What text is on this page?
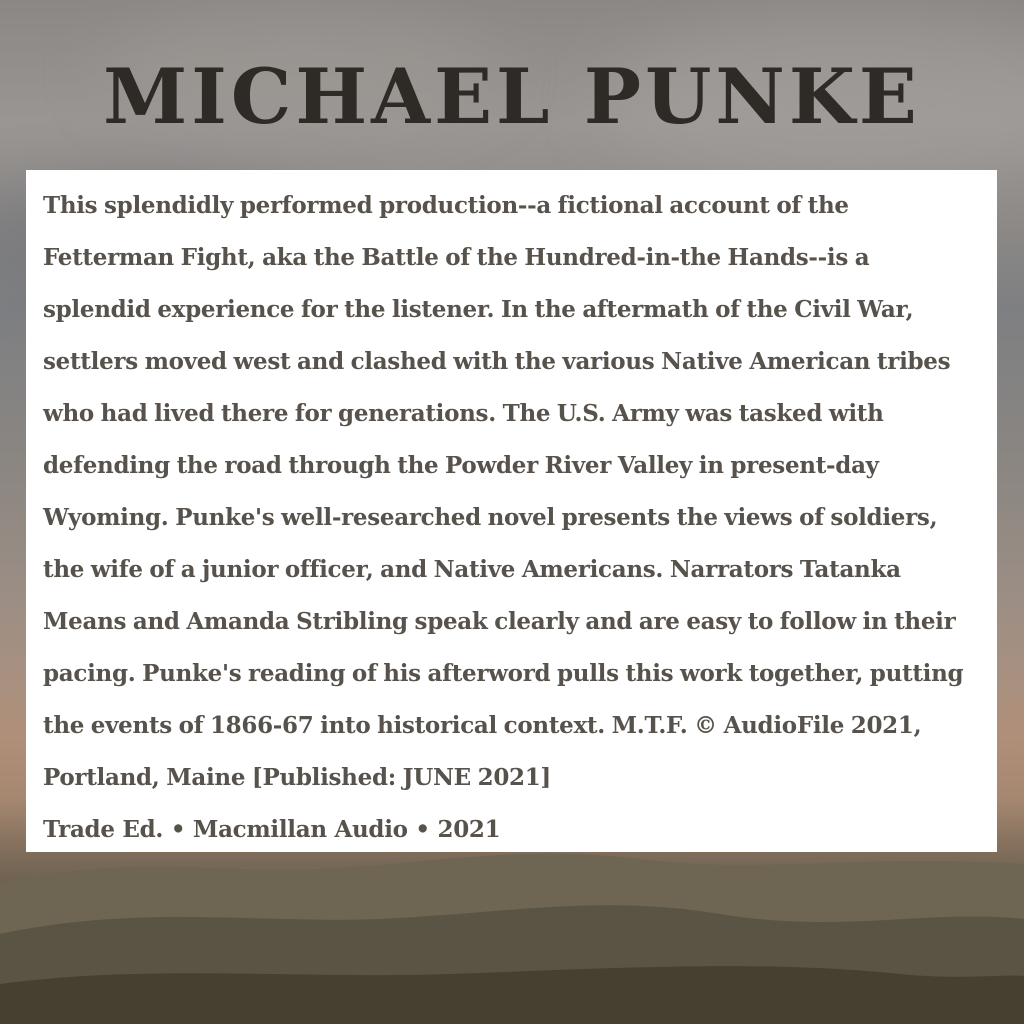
MICHAEL PUNKE

This splendidly performed production--a fictional account of the Fetterman Fight, aka the Battle of the Hundred-in-the Hands--is a splendid experience for the listener. In the aftermath of the Civil War, settlers moved west and clashed with the various Native American tribes who had lived there for generations. The U.S. Army was tasked with defending the road through the Powder River Valley in present-day Wyoming. Punke's well-researched novel presents the views of soldiers, the wife of a junior officer, and Native Americans. Narrators Tatanka Means and Amanda Stribling speak clearly and are easy to follow in their pacing. Punke's reading of his afterword pulls this work together, putting the events of 1866-67 into historical context. M.T.F. © AudioFile 2021, Portland, Maine [Published: JUNE 2021]

Trade Ed. • Macmillan Audio • 2021
